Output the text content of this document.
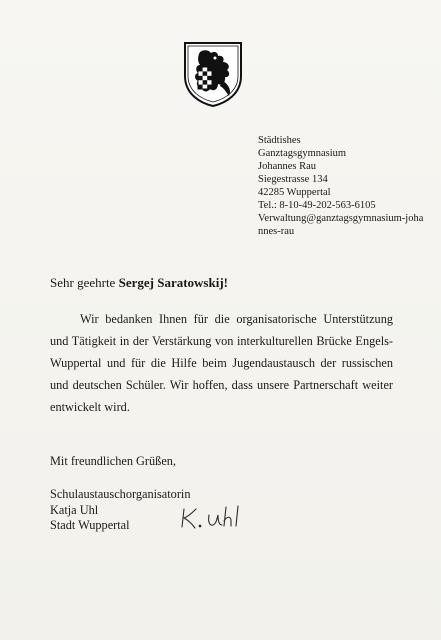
Städtishes
Ganztagsgymnasium
Johannes Rau
Siegestrasse 134
42285 Wuppertal
Tel.: 8-10-49-202-563-6105
Verwaltung@ganztagsgymnasium-johannes-rau
Sehr geehrte Sergej Saratowskij!
Wir bedanken Ihnen für die organisatorische Unterstützung und Tätigkeit in der Verstärkung von interkulturellen Brücke Engels-Wuppertal und für die Hilfe beim Jugendaustausch der russischen und deutschen Schüler. Wir hoffen, dass unsere Partnerschaft weiter entwickelt wird.
Mit freundlichen Grüßen,
Schulaustauschorganisatorin
Katja Uhl
Stadt Wuppertal
